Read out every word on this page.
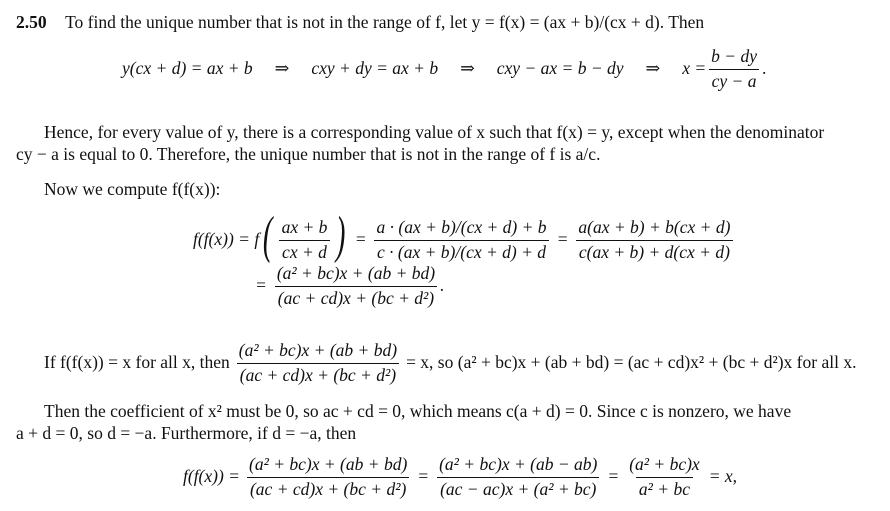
2.50 To find the unique number that is not in the range of f, let y = f(x) = (ax + b)/(cx + d). Then
y(cx + d) = ax + b	⇒	cxy + dy = ax + b	⇒	cxy − ax = b − dy	⇒	$x = \frac{b - dy}{cy - a}$ .
Hence, for every value of y, there is a corresponding value of x such that f(x) = y, except when the denominator
cy − a is equal to 0. Therefore, the unique number that is not in the range of f is a/c.
Now we compute f(f(x)):
f(f(x)) = f ( $\frac{ax + b}{cx + d}$ ) = $\frac{a \cdot (ax + b)/(cx + d) + b}{c \cdot (ax + b)/(cx + d) + d} = \frac{a(ax + b) + b(cx + d)}{c(ax + b) + d(cx + d)}$
= $\frac{\text{(a² + bc)x + (ab + bd)}}{\text{(ac + cd)x + (bc + d²)}}$ .
If f(f(x)) = x for all x, then $\frac{\text{(a² + bc)x + (ab + bd)}}{\text{(ac + cd)x + (bc + d²)}} = x$, so (a² + bc)x + (ab + bd) = (ac + cd)x² + (bc + d²)x for all x.
Then the coefficient of x² must be 0, so ac + cd = 0, which means c(a + d) = 0. Since c is nonzero, we have
a + d = 0, so d = −a. Furthermore, if d = −a, then
$f(f(x)) = \frac{\text{(a² + bc)x + (ab + bd)}}{\text{(ac + cd)x + (bc + d²)}} = \frac{\text{(a² + bc)x + (ab − ab)}}{\text{(ac − ac)x + (a² + bc)}} = \frac{\text{(a² + bc)x}}{\text{a² + bc}} = x$,
